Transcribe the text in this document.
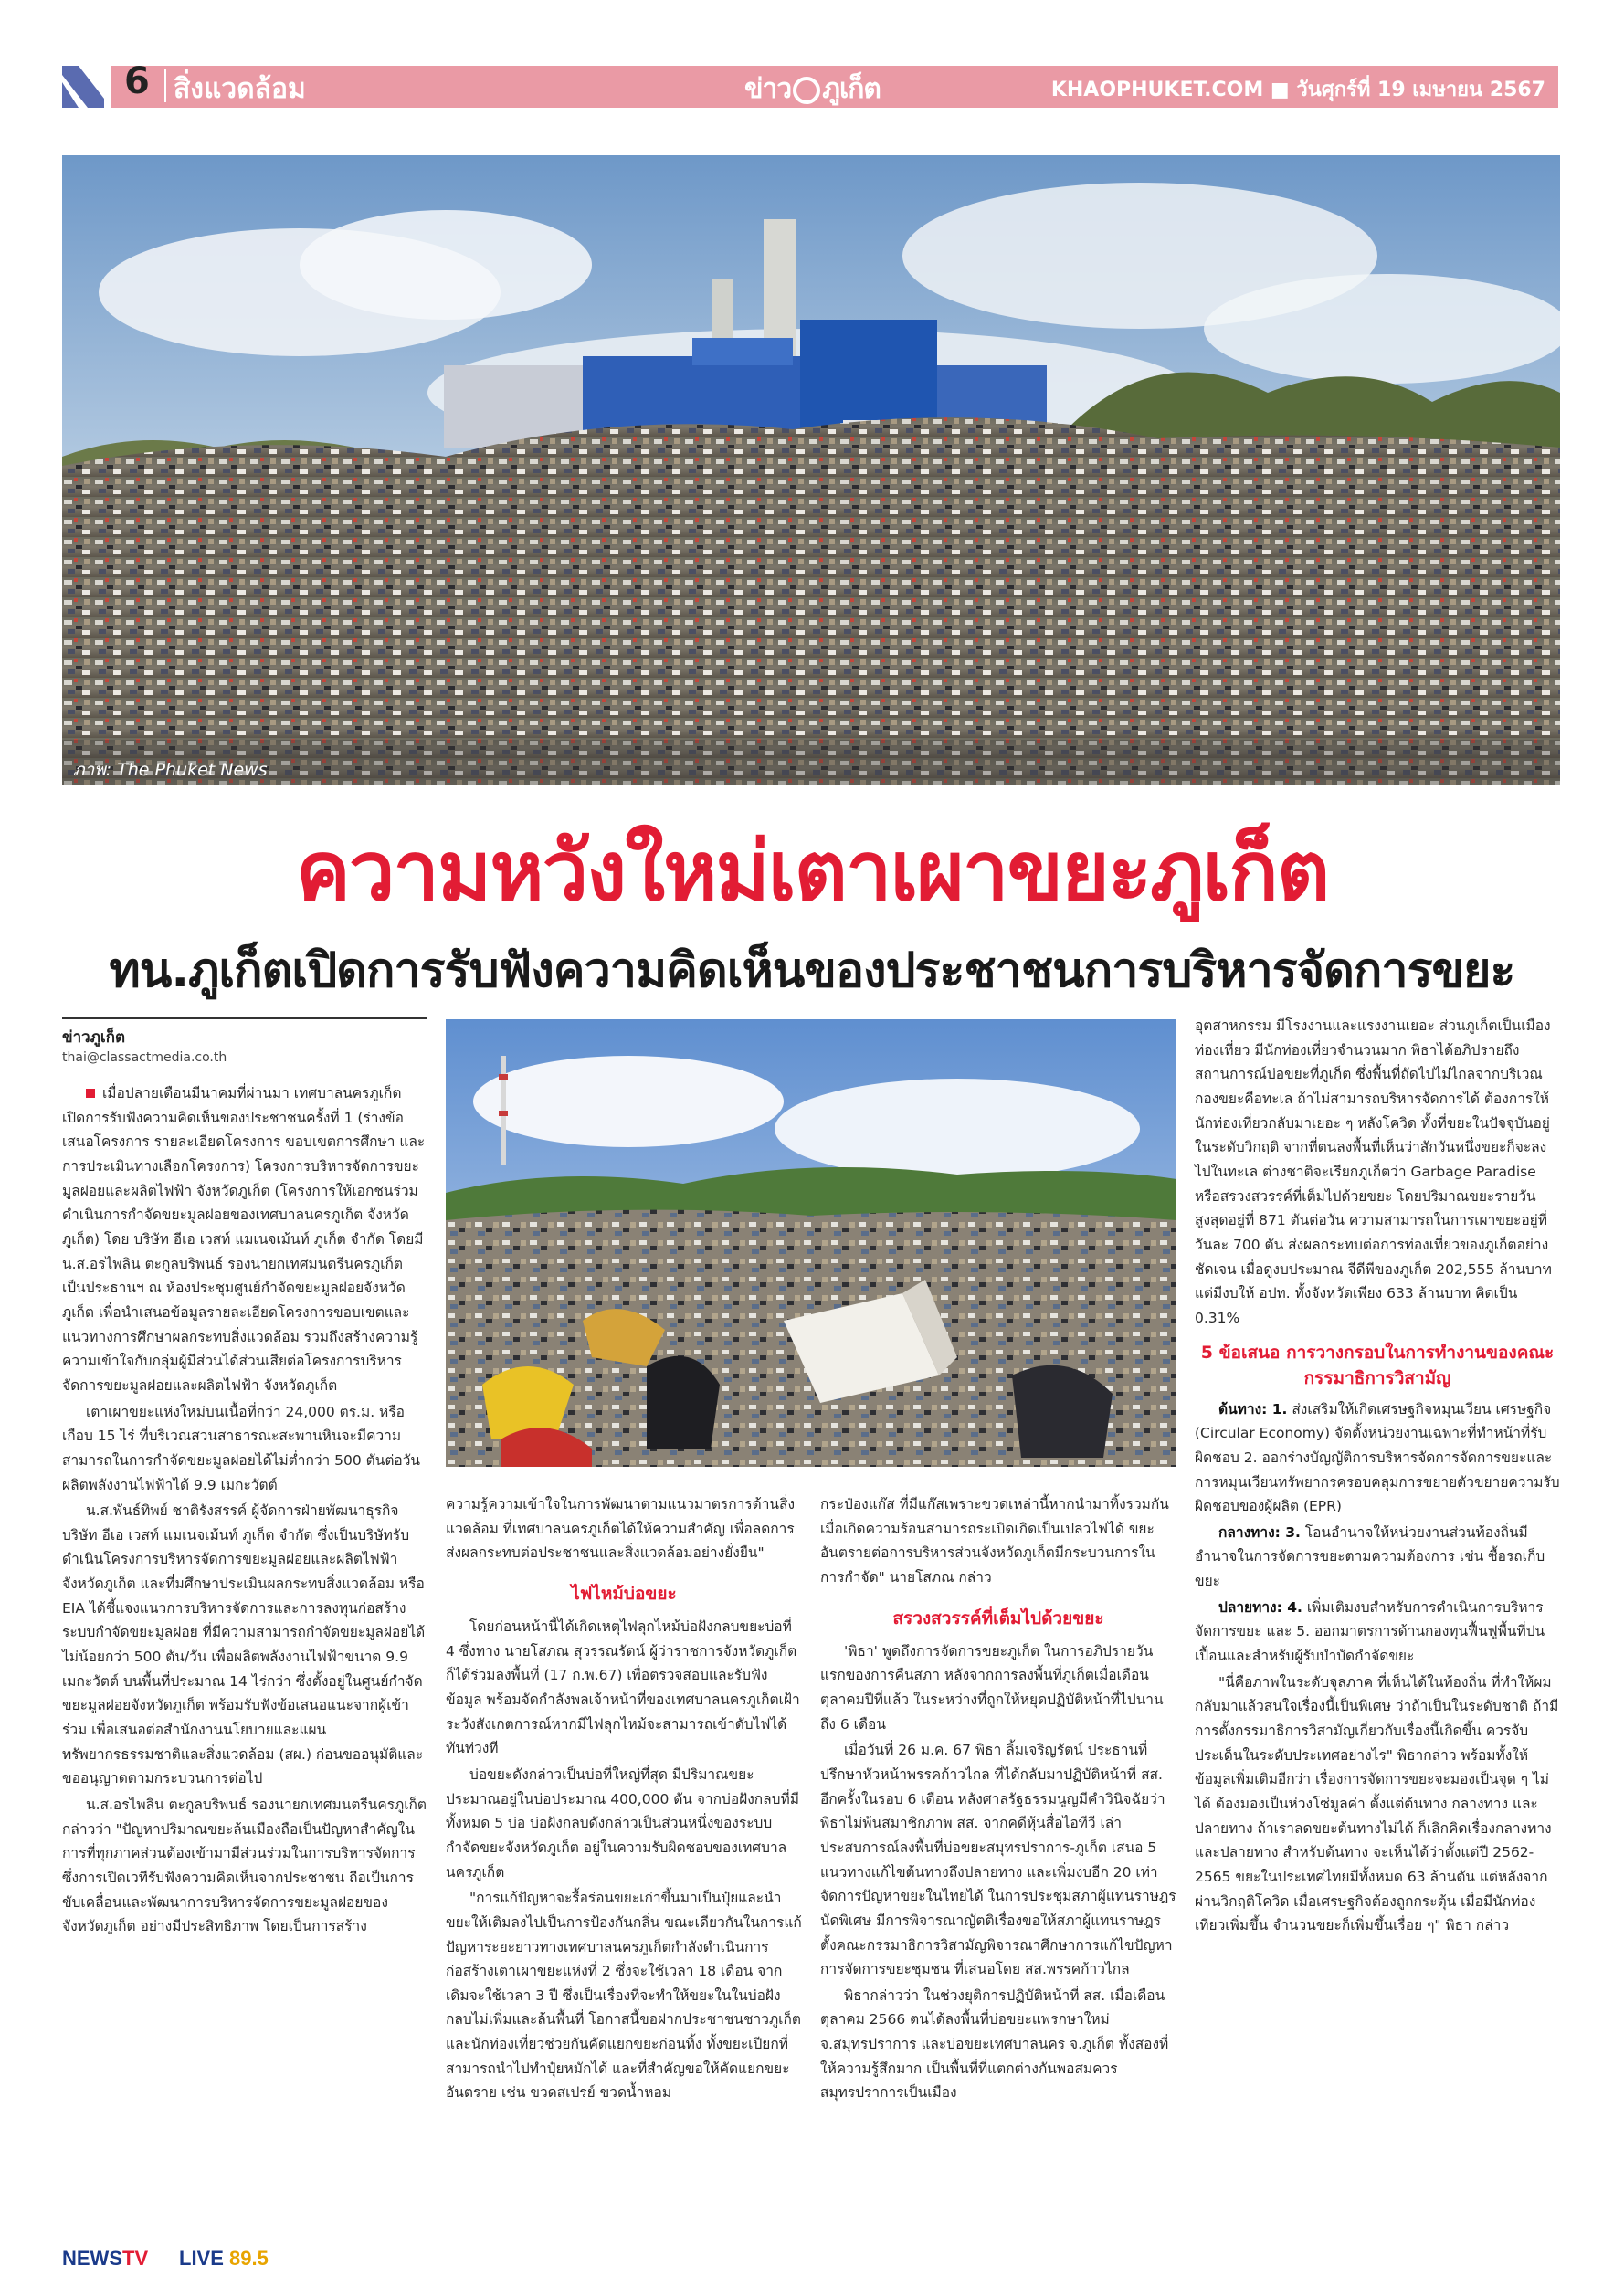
6 สิ่งแวดล้อม	ข่าว ภูเก็ต	KHAOPHUKET.COM ■ วันศุกร์ที่ 19 เมษายน 2567
ภาพ: The Phuket News
ความหวังใหม่เตาเผาขยะภูเก็ต
ทน.ภูเก็ตเปิดการรับฟังความคิดเห็นของประชาชนการบริหารจัดการขยะ
ข่าวภูเก็ต
thai@classactmedia.co.th

เมื่อปลายเดือนมีนาคมที่ผ่านมา เทศบาลนครภูเก็ต เปิดการรับฟังความคิดเห็นของประชาชนครั้งที่ 1 (ร่างข้อเสนอโครงการ รายละเอียดโครงการ ขอบเขตการศึกษา และการประเมินทางเลือกโครงการ) โครงการบริหารจัดการขยะมูลฝอยและผลิตไฟฟ้า จังหวัดภูเก็ต (โครงการให้เอกชนร่วมดำเนินการกำจัดขยะมูลฝอยของเทศบาลนครภูเก็ต จังหวัดภูเก็ต) โดย บริษัท อีเอ เวสท์ แมเนจเม้นท์ ภูเก็ต จำกัด โดยมี น.ส.อรไพลิน ตะกูลบริพนธ์ รองนายกเทศมนตรีนครภูเก็ต เป็นประธานฯ ณ ห้องประชุมศูนย์กำจัดขยะมูลฝอยจังหวัดภูเก็ต เพื่อนำเสนอข้อมูลรายละเอียดโครงการขอบเขตและแนวทางการศึกษาผลกระทบสิ่งแวดล้อม รวมถึงสร้างความรู้ความเข้าใจกับกลุ่มผู้มีส่วนได้ส่วนเสียต่อโครงการบริหารจัดการขยะมูลฝอยและผลิตไฟฟ้า จังหวัดภูเก็ต

เตาเผาขยะแห่งใหม่บนเนื้อที่กว่า 24,000 ตร.ม. หรือเกือบ 15 ไร่ ที่บริเวณสวนสาธารณะสะพานหินจะมีความสามารถในการกำจัดขยะมูลฝอยได้ไม่ต่ำกว่า 500 ตันต่อวัน ผลิตพลังงานไฟฟ้าได้ 9.9 เมกะวัตต์

น.ส.พันธ์ทิพย์ ชาติรังสรรค์ ผู้จัดการฝ่ายพัฒนาธุรกิจ บริษัท อีเอ เวสท์ แมเนจเม้นท์ ภูเก็ต จำกัด ซึ่งเป็นบริษัทรับดำเนินโครงการบริหารจัดการขยะมูลฝอยและผลิตไฟฟ้า จังหวัดภูเก็ต และที่มศึกษาประเมินผลกระทบสิ่งแวดล้อม หรือ EIA ได้ชี้แจงแนวการบริหารจัดการและการลงทุนก่อสร้างระบบกำจัดขยะมูลฝอย ที่มีความสามารถกำจัดขยะมูลฝอยได้ไม่น้อยกว่า 500 ตัน/วัน เพื่อผลิตพลังงานไฟฟ้าขนาด 9.9 เมกะวัตต์ บนพื้นที่ประมาณ 14 ไร่กว่า ซึ่งตั้งอยู่ในศูนย์กำจัดขยะมูลฝอยจังหวัดภูเก็ต พร้อมรับฟังข้อเสนอแนะจากผู้เข้าร่วม เพื่อเสนอต่อสำนักงานนโยบายและแผนทรัพยากรธรรมชาติและสิ่งแวดล้อม (สผ.) ก่อนขออนุมัติและขออนุญาตตามกระบวนการต่อไป

น.ส.อรไพลิน ตะกูลบริพนธ์ รองนายกเทศมนตรีนครภูเก็ต กล่าวว่า "ปัญหาปริมาณขยะล้นเมืองถือเป็นปัญหาสำคัญในการที่ทุกภาคส่วนต้องเข้ามามีส่วนร่วมในการบริหารจัดการ ซึ่งการเปิดเวทีรับฟังความคิดเห็นจากประชาชน ถือเป็นการขับเคลื่อนและพัฒนาการบริหารจัดการขยะมูลฝอยของจังหวัดภูเก็ต อย่างมีประสิทธิภาพ โดยเป็นการสร้าง

ความรู้ความเข้าใจในการพัฒนาตามแนวมาตรการด้านสิ่งแวดล้อม ที่เทศบาลนครภูเก็ตได้ให้ความสำคัญ เพื่อลดการส่งผลกระทบต่อประชาชนและสิ่งแวดล้อมอย่างยั่งยืน"

ไฟไหม้บ่อขยะ

โดยก่อนหน้านี้ได้เกิดเหตุไฟลุกไหม้บ่อฝังกลบขยะบ่อที่ 4 ซึ่งทาง นายโสภณ สุวรรณรัตน์ ผู้ว่าราชการจังหวัดภูเก็ต ก็ได้ร่วมลงพื้นที่ (17 ก.พ.67) เพื่อตรวจสอบและรับฟังข้อมูล พร้อมจัดกำลังพลเจ้าหน้าที่ของเทศบาลนครภูเก็ตเฝ้าระวังสังเกตการณ์หากมีไฟลุกไหม้จะสามารถเข้าดับไฟได้ทันท่วงที

บ่อขยะดังกล่าวเป็นบ่อที่ใหญ่ที่สุด มีปริมาณขยะประมาณอยู่ในบ่อประมาณ 400,000 ตัน จากบ่อฝังกลบที่มีทั้งหมด 5 บ่อ บ่อฝังกลบดังกล่าวเป็นส่วนหนึ่งของระบบกำจัดขยะจังหวัดภูเก็ต อยู่ในความรับผิดชอบของเทศบาลนครภูเก็ต

"การแก้ปัญหาจะรื้อร่อนขยะเก่าขึ้นมาเป็นปุ๋ยและนำขยะให้เติมลงไปเป็นการป้องกันกลิ่น ขณะเดียวกันในการแก้ปัญหาระยะยาวทางเทศบาลนครภูเก็ตกำลังดำเนินการก่อสร้างเตาเผาขยะแห่งที่ 2 ซึ่งจะใช้เวลา 18 เดือน จากเดิมจะใช้เวลา 3 ปี ซึ่งเป็นเรื่องที่จะทำให้ขยะในในบ่อฝังกลบไม่เพิ่มและล้นพื้นที่ โอกาสนี้ขอฝากประชาชนชาวภูเก็ตและนักท่องเที่ยวช่วยกันคัดแยกขยะก่อนทิ้ง ทั้งขยะเปียกที่สามารถนำไปทำปุ๋ยหมักได้ และที่สำคัญขอให้คัดแยกขยะอันตราย เช่น ขวดสเปรย์ ขวดน้ำหอม

กระป๋องแก๊ส ที่มีแก๊สเพราะขวดเหล่านี้หากนำมาทิ้งรวมกันเมื่อเกิดความร้อนสามารถระเบิดเกิดเป็นเปลวไฟได้ ขยะอันตรายต่อการบริหารส่วนจังหวัดภูเก็ตมีกระบวนการในการกำจัด" นายโสภณ กล่าว

สรวงสวรรค์ที่เต็มไปด้วยขยะ

'พิธา' พูดถึงการจัดการขยะภูเก็ต ในการอภิปรายวันแรกของการคืนสภา หลังจากการลงพื้นที่ภูเก็ตเมื่อเดือนตุลาคมปีที่แล้ว ในระหว่างที่ถูกให้หยุดปฏิบัติหน้าที่ไปนานถึง 6 เดือน

เมื่อวันที่ 26 ม.ค. 67 พิธา ลิ้มเจริญรัตน์ ประธานที่ปรึกษาหัวหน้าพรรคก้าวไกล ที่ได้กลับมาปฏิบัติหน้าที่ สส. อีกครั้งในรอบ 6 เดือน หลังศาลรัฐธรรมนูญมีคำวินิจฉัยว่าพิธาไม่พ้นสมาชิกภาพ สส. จากคดีหุ้นสื่อไอทีวี เล่าประสบการณ์ลงพื้นที่บ่อขยะสมุทรปราการ-ภูเก็ต เสนอ 5 แนวทางแก้ไขต้นทางถึงปลายทาง และเพิ่มงบอีก 20 เท่า จัดการปัญหาขยะในไทยได้ ในการประชุมสภาผู้แทนราษฎรนัดพิเศษ มีการพิจารณาญัตติเรื่องขอให้สภาผู้แทนราษฎรตั้งคณะกรรมาธิการวิสามัญพิจารณาศึกษาการแก้ไขปัญหาการจัดการขยะชุมชน ที่เสนอโดย สส.พรรคก้าวไกล

พิธากล่าวว่า ในช่วงยุติการปฏิบัติหน้าที่ สส. เมื่อเดือนตุลาคม 2566 ตนได้ลงพื้นที่บ่อขยะแพรกษาใหม่ จ.สมุทรปราการ และบ่อขยะเทศบาลนคร จ.ภูเก็ต ทั้งสองที่ให้ความรู้สึกมาก เป็นพื้นที่ที่แตกต่างกันพอสมควร สมุทรปราการเป็นเมือง

อุตสาหกรรม มีโรงงานและแรงงานเยอะ ส่วนภูเก็ตเป็นเมืองท่องเที่ยว มีนักท่องเที่ยวจำนวนมาก พิธาได้อภิปรายถึงสถานการณ์บ่อขยะที่ภูเก็ต ซึ่งพื้นที่ถัดไปไม่ไกลจากบริเวณกองขยะคือทะเล ถ้าไม่สามารถบริหารจัดการได้ ต้องการให้นักท่องเที่ยวกลับมาเยอะ ๆ หลังโควิด ทั้งที่ขยะในปัจจุบันอยู่ในระดับวิกฤติ จากที่ตนลงพื้นที่เห็นว่าสักวันหนึ่งขยะก็จะลงไปในทะเล ต่างชาติจะเรียกภูเก็ตว่า Garbage Paradise หรือสรวงสวรรค์ที่เต็มไปด้วยขยะ โดยปริมาณขยะรายวันสูงสุดอยู่ที่ 871 ตันต่อวัน ความสามารถในการเผาขยะอยู่ที่วันละ 700 ตัน ส่งผลกระทบต่อการท่องเที่ยวของภูเก็ตอย่างชัดเจน เมื่อดูงบประมาณ จีดีพีของภูเก็ต 202,555 ล้านบาท แต่มีงบให้ อปท. ทั้งจังหวัดเพียง 633 ล้านบาท คิดเป็น 0.31%

5 ข้อเสนอ การวางกรอบในการทำงานของคณะกรรมาธิการวิสามัญ

ต้นทาง: 1. ส่งเสริมให้เกิดเศรษฐกิจหมุนเวียน เศรษฐกิจ (Circular Economy) จัดตั้งหน่วยงานเฉพาะที่ทำหน้าที่รับผิดชอบ 2. ออกร่างบัญญัติการบริหารจัดการจัดการขยะและการหมุนเวียนทรัพยากรครอบคลุมการขยายตัวขยายความรับผิดชอบของผู้ผลิต (EPR)

กลางทาง: 3. โอนอำนาจให้หน่วยงานส่วนท้องถิ่นมีอำนาจในการจัดการขยะตามความต้องการ เช่น ซื้อรถเก็บขยะ

ปลายทาง: 4. เพิ่มเติมงบสำหรับการดำเนินการบริหารจัดการขยะ และ 5. ออกมาตรการด้านกองทุนฟื้นฟูพื้นที่ปนเปื้อนและสำหรับผู้รับบำบัดกำจัดขยะ

"นี่คือภาพในระดับจุลภาค ที่เห็นได้ในท้องถิ่น ที่ทำให้ผมกลับมาแล้วสนใจเรื่องนี้เป็นพิเศษ ว่าถ้าเป็นในระดับชาติ ถ้ามีการตั้งกรรมาธิการวิสามัญเกี่ยวกับเรื่องนี้เกิดขึ้น ควรจับประเด็นในระดับประเทศอย่างไร" พิธากล่าว พร้อมทั้งให้ข้อมูลเพิ่มเติมอีกว่า เรื่องการจัดการขยะจะมองเป็นจุด ๆ ไม่ได้ ต้องมองเป็นห่วงโซ่มูลค่า ตั้งแต่ต้นทาง กลางทาง และปลายทาง ถ้าเราลดขยะต้นทางไม่ได้ ก็เลิกคิดเรื่องกลางทางและปลายทาง สำหรับต้นทาง จะเห็นได้ว่าตั้งแต่ปี 2562-2565 ขยะในประเทศไทยมีทั้งหมด 63 ล้านตัน แต่หลังจากผ่านวิกฤติโควิด เมื่อเศรษฐกิจต้องถูกกระตุ้น เมื่อมีนักท่องเที่ยวเพิ่มขึ้น จำนวนขยะก็เพิ่มขึ้นเรื่อย ๆ" พิธา กล่าว

NEWSTV LIVE 89.5
